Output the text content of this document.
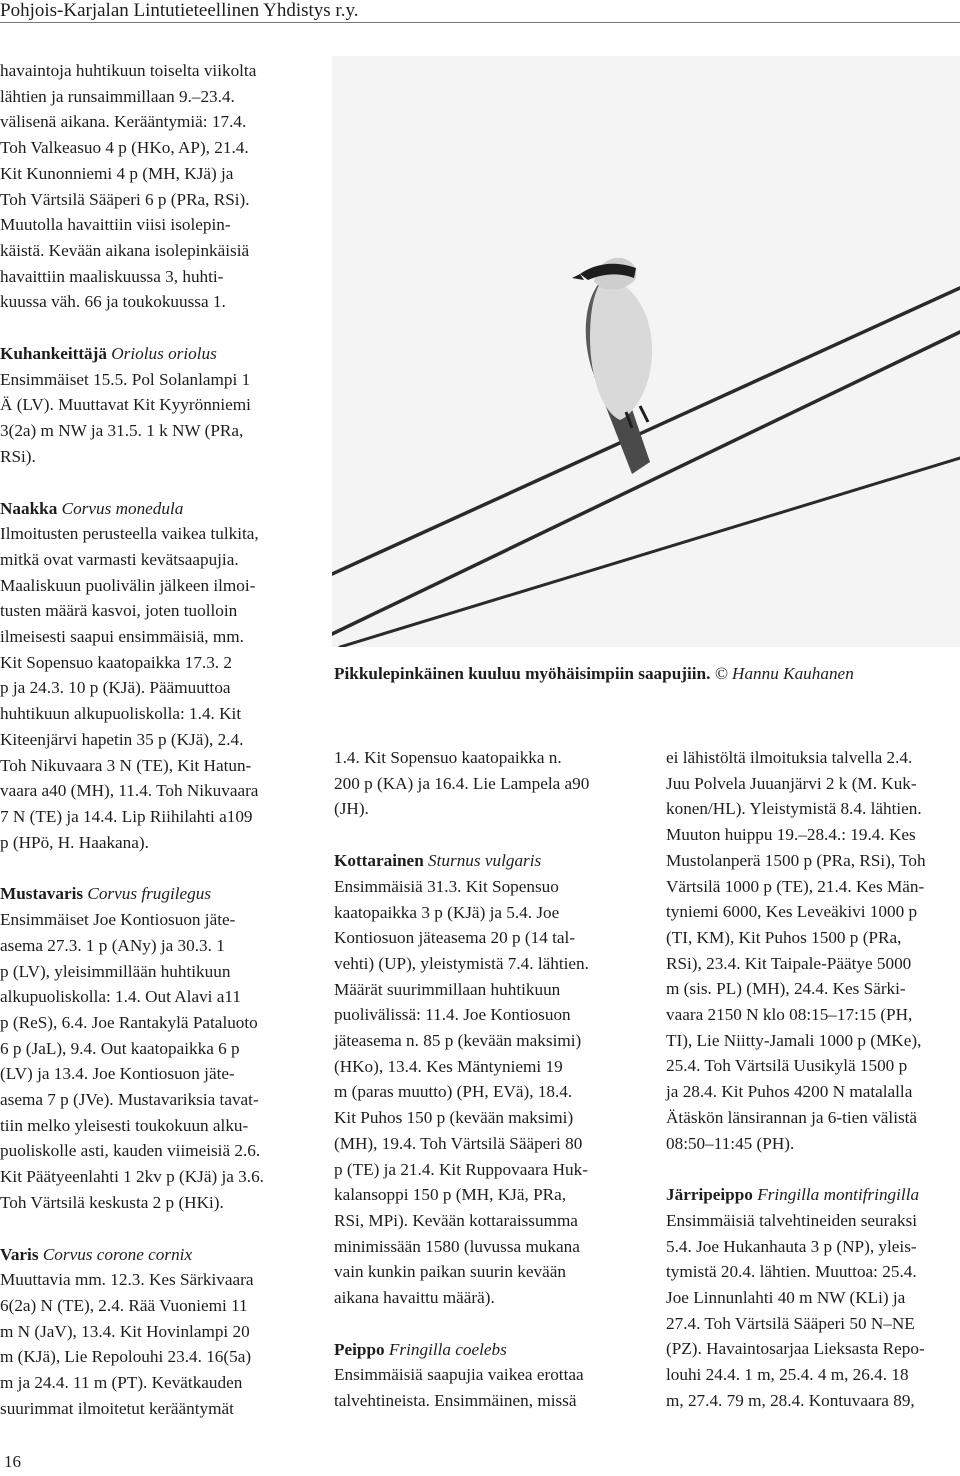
Pohjois-Karjalan Lintutieteellinen Yhdistys r.y.

havaintoja huhtikuun toiselta viikolta

lähtien ja runsaimmillaan 9.–23.4.

välisenä aikana. Kerääntymiä: 17.4.

Toh Valkeasuo 4 p (HKo, AP), 21.4.

Kit Kunonniemi 4 p (MH, KJä) ja

Toh Värtsilä Sääperi 6 p (PRa, RSi).

Muutolla havaittiin viisi isolepin-

käistä. Kevään aikana isolepinkäisiä

havaittiin maaliskuussa 3, huhti-

kuussa väh. 66 ja toukokuussa 1.

Kuhankeittäjä Oriolus oriolus

Ensimmäiset 15.5. Pol Solanlampi 1

Ä (LV). Muuttavat Kit Kyyrönniemi

3(2a) m NW ja 31.5. 1 k NW (PRa,

RSi).

Naakka Corvus monedula

Ilmoitusten perusteella vaikea tulkita,

mitkä ovat varmasti kevätsaapujia.

Maaliskuun puolivälin jälkeen ilmoi-

tusten määrä kasvoi, joten tuolloin

ilmeisesti saapui ensimmäisiä, mm.

Kit Sopensuo kaatopaikka 17.3. 2

p ja 24.3. 10 p (KJä). Päämuuttoa

huhtikuun alkupuoliskolla: 1.4. Kit

Kiteenjärvi hapetin 35 p (KJä), 2.4.

Toh Nikuvaara 3 N (TE), Kit Hatun-

vaara a40 (MH), 11.4. Toh Nikuvaara

7 N (TE) ja 14.4. Lip Riihilahti a109

p (HPö, H. Haakana).

Mustavaris Corvus frugilegus

Ensimmäiset Joe Kontiosuon jäte-

asema 27.3. 1 p (ANy) ja 30.3. 1

p (LV), yleisimmillään huhtikuun

alkupuoliskolla: 1.4. Out Alavi a11

p (ReS), 6.4. Joe Rantakylä Pataluoto

6 p (JaL), 9.4. Out kaatopaikka 6 p

(LV) ja 13.4. Joe Kontiosuon jäte-

asema 7 p (JVe). Mustavariksia tavat-

tiin melko yleisesti toukokuun alku-

puoliskolle asti, kauden viimeisiä 2.6.

Kit Päätyeenlahti 1 2kv p (KJä) ja 3.6.

Toh Värtsilä keskusta 2 p (HKi).

Varis Corvus corone cornix

Muuttavia mm. 12.3. Kes Särkivaara

6(2a) N (TE), 2.4. Rää Vuoniemi 11

m N (JaV), 13.4. Kit Hovinlampi 20

m (KJä), Lie Repolouhi 23.4. 16(5a)

m ja 24.4. 11 m (PT). Kevätkauden

suurimmat ilmoitetut kerääntymät

Pikkulepinkäinen kuuluu myöhäisimpiin saapujiin. © Hannu Kauhanen

1.4. Kit Sopensuo kaatopaikka n.

200 p (KA) ja 16.4. Lie Lampela a90

(JH).

Kottarainen Sturnus vulgaris

Ensimmäisiä 31.3. Kit Sopensuo

kaatopaikka 3 p (KJä) ja 5.4. Joe

Kontiosuon jäteasema 20 p (14 tal-

vehti) (UP), yleistymistä 7.4. lähtien.

Määrät suurimmillaan huhtikuun

puolivälissä: 11.4. Joe Kontiosuon

jäteasema n. 85 p (kevään maksimi)

(HKo), 13.4. Kes Mäntyniemi 19

m (paras muutto) (PH, EVä), 18.4.

Kit Puhos 150 p (kevään maksimi)

(MH), 19.4. Toh Värtsilä Sääperi 80

p (TE) ja 21.4. Kit Ruppovaara Huk-

kalansoppi 150 p (MH, KJä, PRa,

RSi, MPi). Kevään kottaraissumma

minimissään 1580 (luvussa mukana

vain kunkin paikan suurin kevään

aikana havaittu määrä).

Peippo Fringilla coelebs

Ensimmäisiä saapujia vaikea erottaa

talvehtineista. Ensimmäinen, missä

ei lähistöltä ilmoituksia talvella 2.4.

Juu Polvela Juuanjärvi 2 k (M. Kuk-

konen/HL). Yleistymistä 8.4. lähtien.

Muuton huippu 19.–28.4.: 19.4. Kes

Mustolanperä 1500 p (PRa, RSi), Toh

Värtsilä 1000 p (TE), 21.4. Kes Män-

tyniemi 6000, Kes Leveäkivi 1000 p

(TI, KM), Kit Puhos 1500 p (PRa,

RSi), 23.4. Kit Taipale-Päätye 5000

m (sis. PL) (MH), 24.4. Kes Särki-

vaara 2150 N klo 08:15–17:15 (PH,

TI), Lie Niitty-Jamali 1000 p (MKe),

25.4. Toh Värtsilä Uusikylä 1500 p

ja 28.4. Kit Puhos 4200 N matalalla

Ätäskön länsirannan ja 6-tien välistä

08:50–11:45 (PH).

Järripeippo Fringilla montifringilla

Ensimmäisiä talvehtineiden seuraksi

5.4. Joe Hukanhauta 3 p (NP), yleis-

tymistä 20.4. lähtien. Muuttoa: 25.4.

Joe Linnunlahti 40 m NW (KLi) ja

27.4. Toh Värtsilä Sääperi 50 N–NE

(PZ). Havaintosarjaa Lieksasta Repo-

louhi 24.4. 1 m, 25.4. 4 m, 26.4. 18

m, 27.4. 79 m, 28.4. Kontuvaara 89,

16
